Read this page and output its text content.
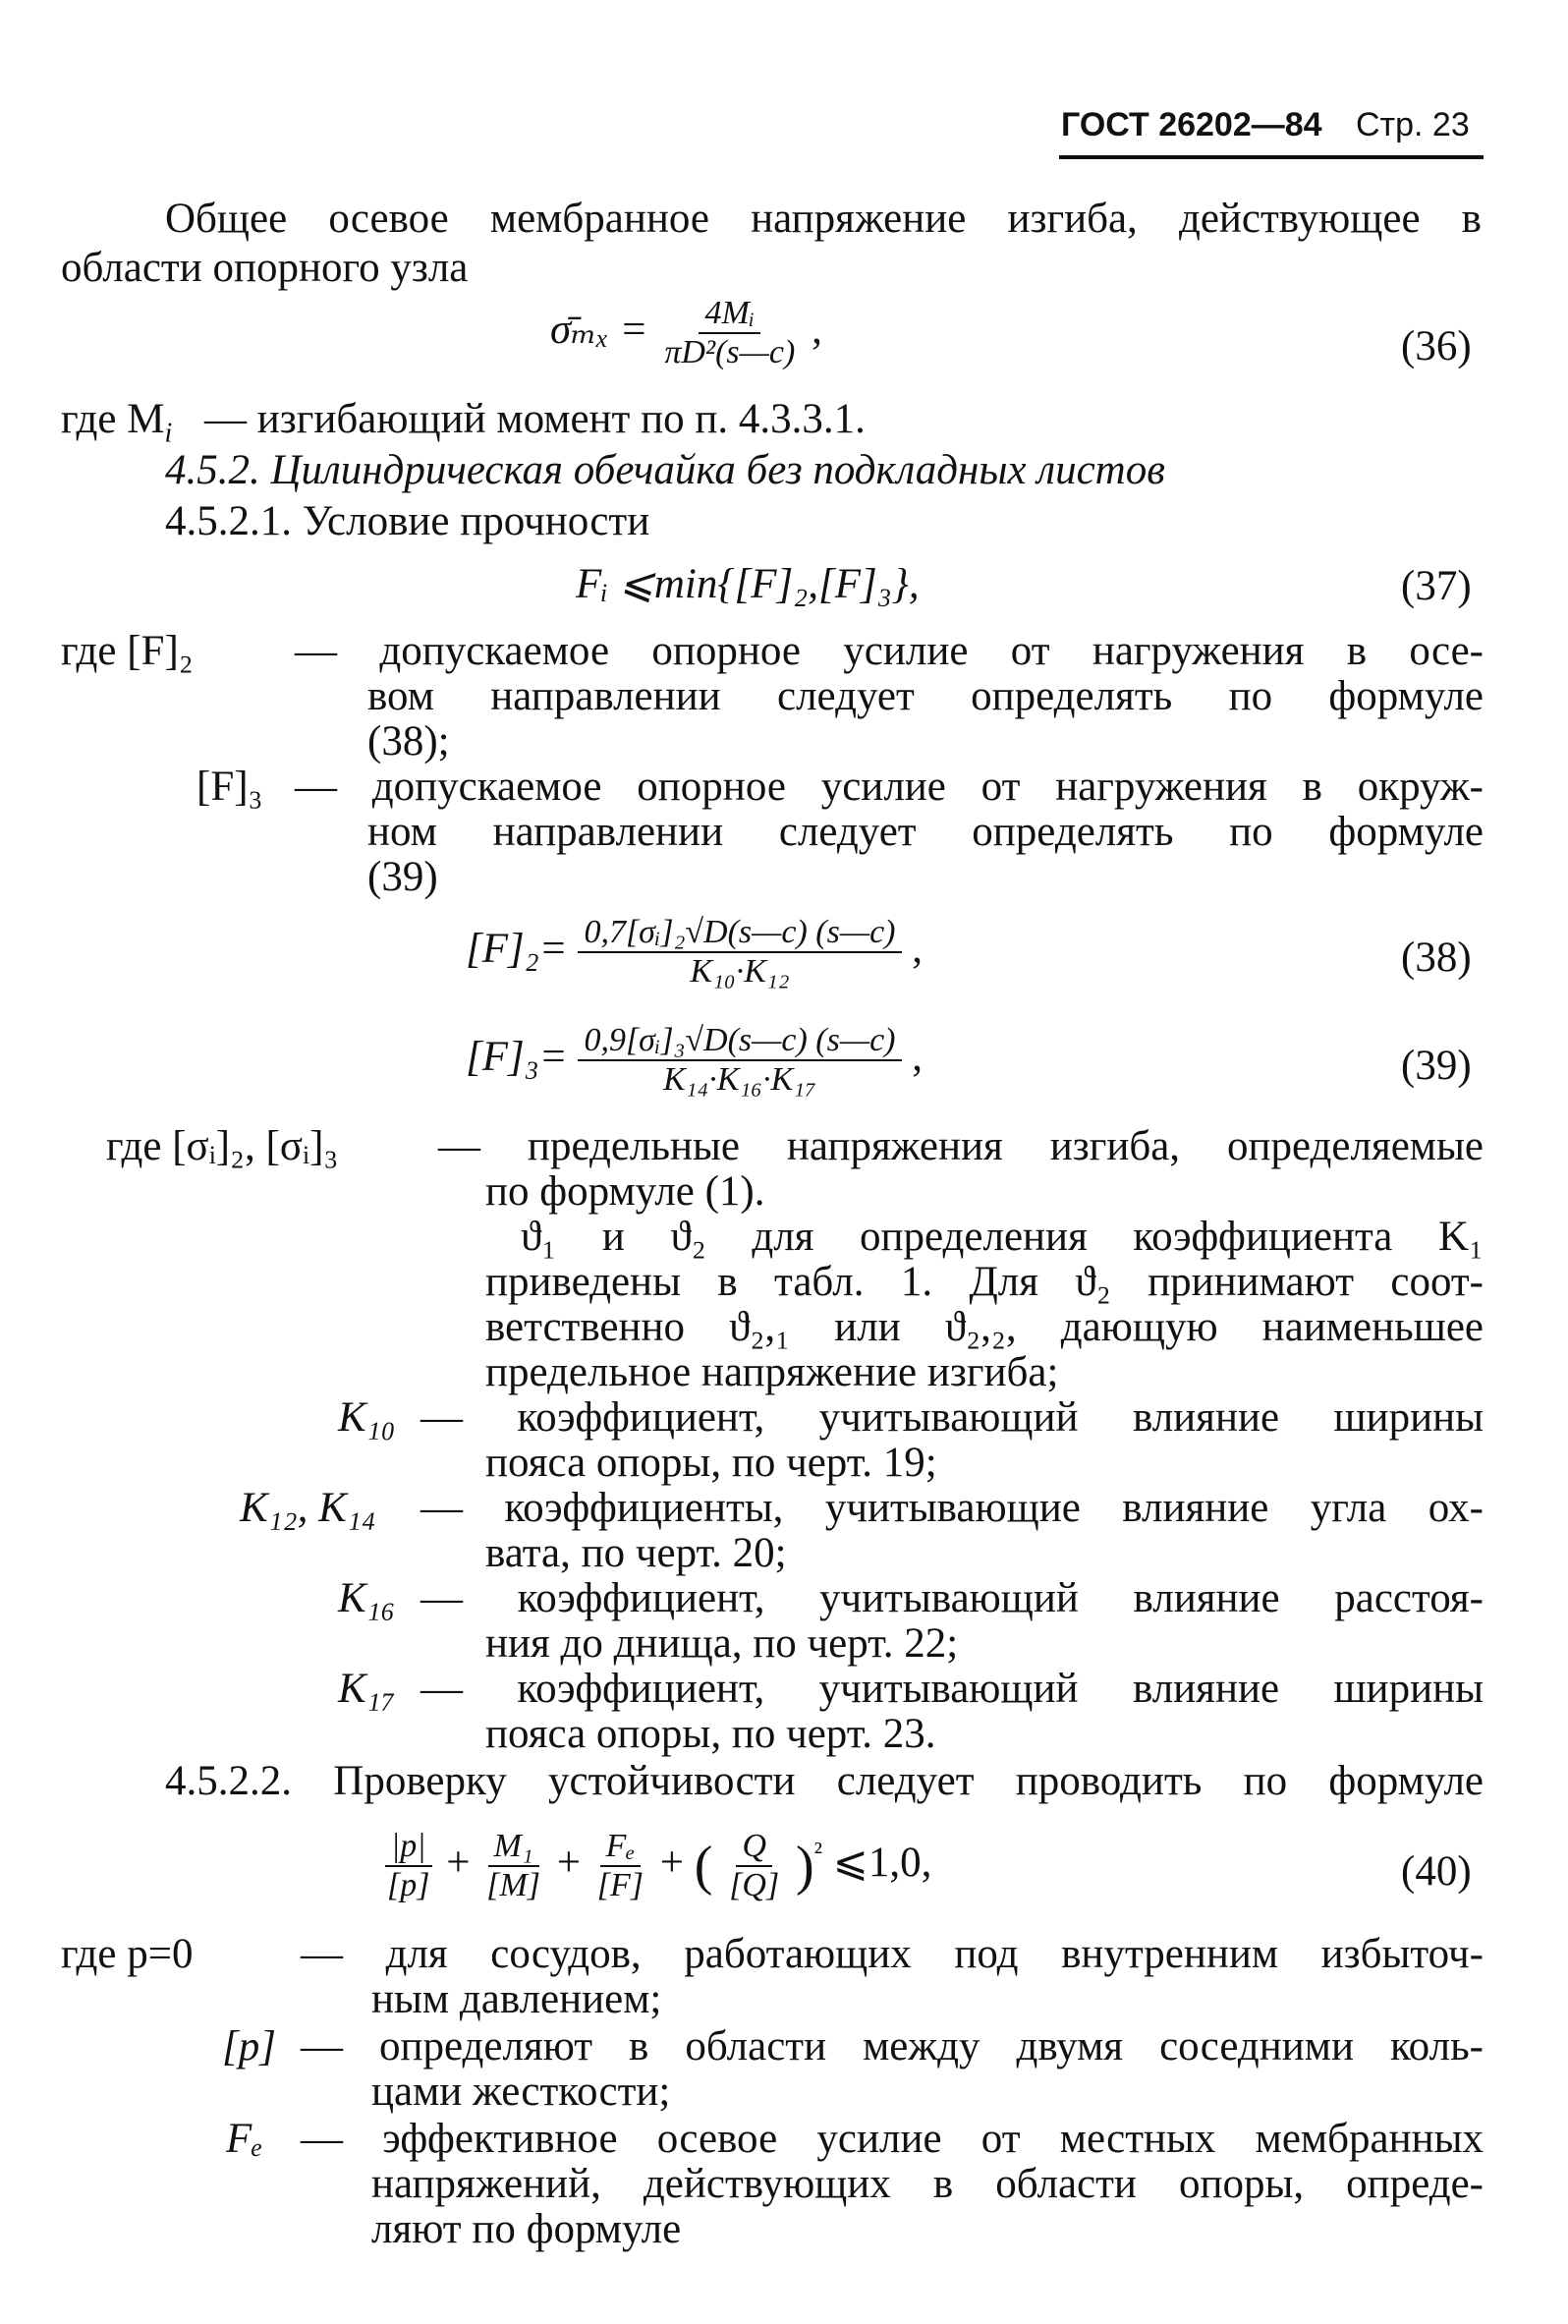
ГОСТ 26202—84 Стр. 23
Общее осевое мембранное напряжение изгиба, действующее в
области опорного узла
σ̄ₘₓ = $\frac{\text{4Mᵢ}}{\text{πD²(s—c)}}$ ,	(36)
где $M_i$ — изгибающий момент по п. 4.3.3.1.
4.5.2. Цилиндрическая обечайка без подкладных листов
4.5.2.1. Условие прочности
Fᵢ ⩽min{[F]₂,[F]₃},	(37)
где [F]₂ — допускаемое опорное усилие от нагружения в осе-
вом направлении следует определять по формуле
(38);
[F]₃ — допускаемое опорное усилие от нагружения в окруж-
ном направлении следует определять по формуле
(39)
$[F]_2= \frac{\text{0,7[σᵢ]₂√D(s—c) (s—c)}}{\text{K₁₀·K₁₂}}$ ,	(38)
$[F]_3= \frac{\text{0,9[σᵢ]₃√D(s—c) (s—c)}}{\text{K₁₄·K₁₆·K₁₇}}$ ,	(39)
где [σᵢ]₂, [σᵢ]₃ — предельные напряжения изгиба, определяемые
по формуле (1).
ϑ₁ и ϑ₂ для определения коэффициента K₁
приведены в табл. 1. Для ϑ₂ принимают соот-
ветственно ϑ₂,₁ или ϑ₂,₂, дающую наименьшее
предельное напряжение изгиба;
K₁₀ — коэффициент, учитывающий влияние ширины
пояса опоры, по черт. 19;
K₁₂, K₁₄ — коэффициенты, учитывающие влияние угла ох-
вата, по черт. 20;
K₁₆ — коэффициент, учитывающий влияние расстоя-
ния до днища, по черт. 22;
K₁₇ — коэффициент, учитывающий влияние ширины
пояса опоры, по черт. 23.
4.5.2.2. Проверку устойчивости следует проводить по формуле
$\frac{|p|}{[p]} + \frac{\text{M₁}}{[M]} + \frac{\text{Fₑ}}{[F]}$ + ( $\frac{Q}{[Q]} )^{^2}$ ⩽1,0,	(40)
где p=0	— для сосудов, работающих под внутренним избыточ-
ным давлением;
[p] — определяют в области между двумя соседними коль-
цами жесткости;
Fₑ — эффективное осевое усилие от местных мембранных
напряжений, действующих в области опоры, опреде-
ляют по формуле
